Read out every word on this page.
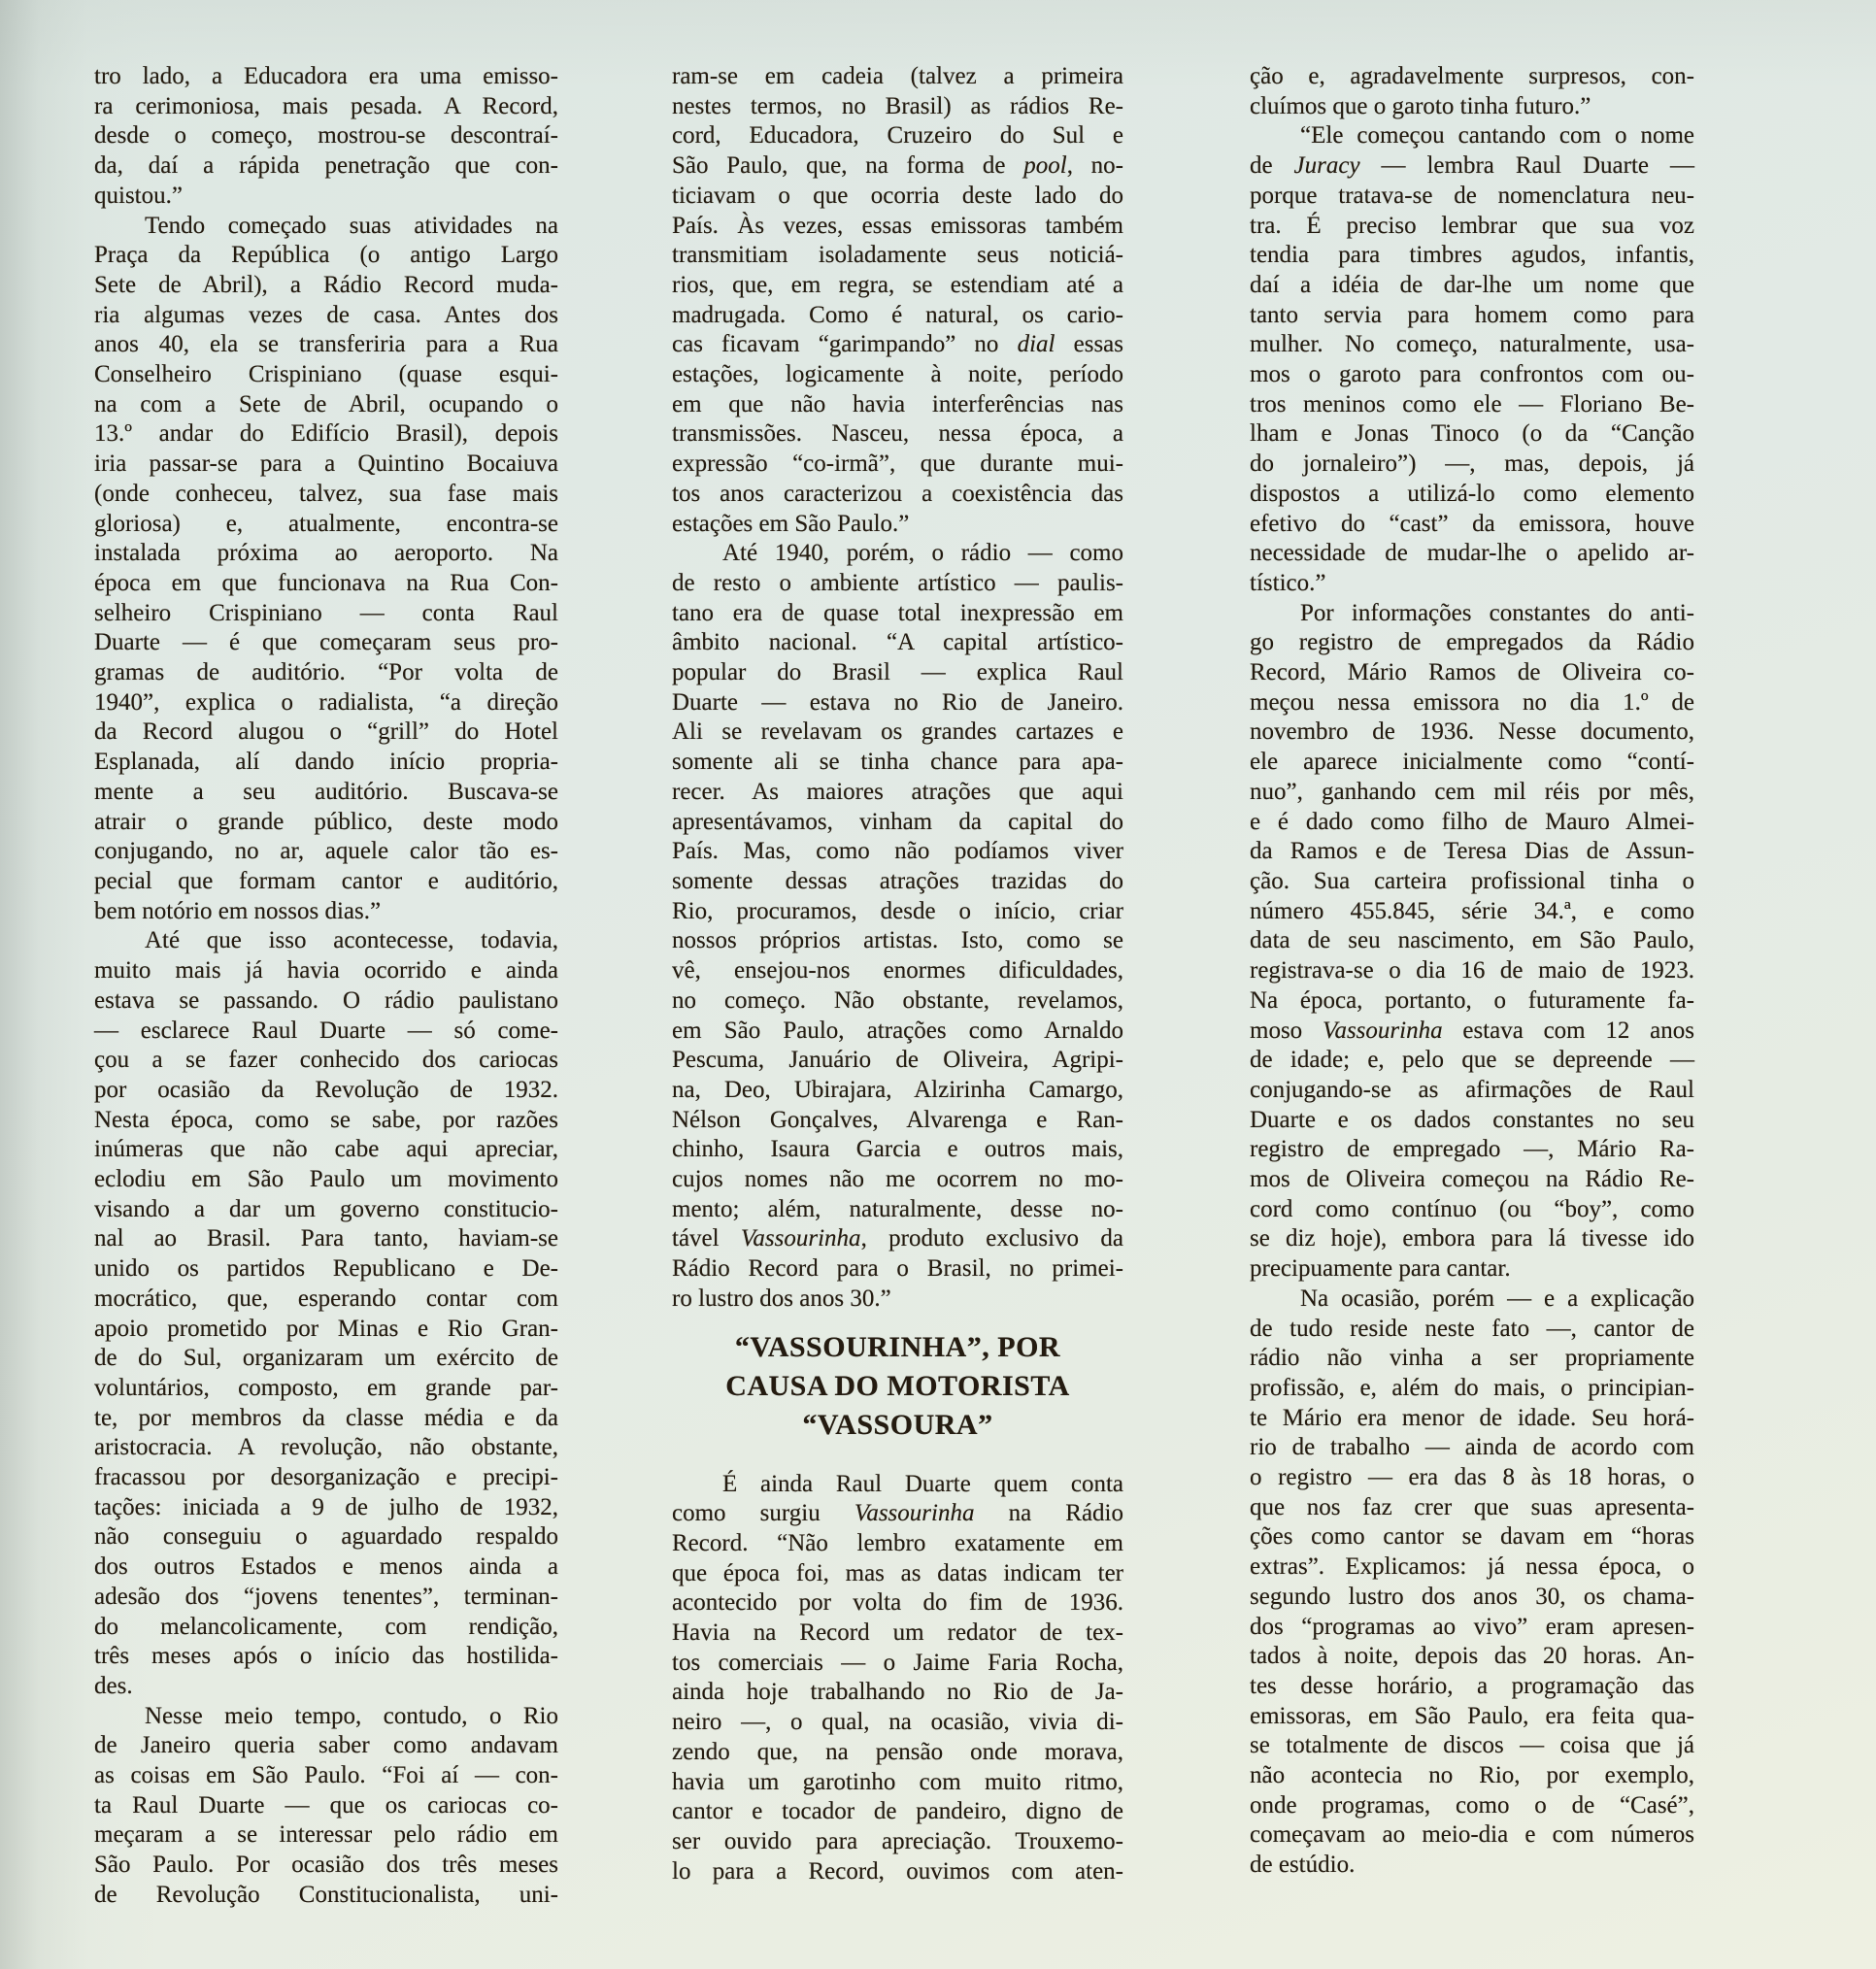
tro lado, a Educadora era uma emisso-
ra cerimoniosa, mais pesada. A Record,
desde o começo, mostrou-se descontraí-
da, daí a rápida penetração que con-
quistou.”
Tendo começado suas atividades na
Praça da República (o antigo Largo
Sete de Abril), a Rádio Record muda-
ria algumas vezes de casa. Antes dos
anos 40, ela se transferiria para a Rua
Conselheiro Crispiniano (quase esqui-
na com a Sete de Abril, ocupando o
13.º andar do Edifício Brasil), depois
iria passar-se para a Quintino Bocaiuva
(onde conheceu, talvez, sua fase mais
gloriosa) e, atualmente, encontra-se
instalada próxima ao aeroporto. Na
época em que funcionava na Rua Con-
selheiro Crispiniano — conta Raul
Duarte — é que começaram seus pro-
gramas de auditório. “Por volta de
1940”, explica o radialista, “a direção
da Record alugou o “grill” do Hotel
Esplanada, alí dando início propria-
mente a seu auditório. Buscava-se
atrair o grande público, deste modo
conjugando, no ar, aquele calor tão es-
pecial que formam cantor e auditório,
bem notório em nossos dias.”
Até que isso acontecesse, todavia,
muito mais já havia ocorrido e ainda
estava se passando. O rádio paulistano
— esclarece Raul Duarte — só come-
çou a se fazer conhecido dos cariocas
por ocasião da Revolução de 1932.
Nesta época, como se sabe, por razões
inúmeras que não cabe aqui apreciar,
eclodiu em São Paulo um movimento
visando a dar um governo constitucio-
nal ao Brasil. Para tanto, haviam-se
unido os partidos Republicano e De-
mocrático, que, esperando contar com
apoio prometido por Minas e Rio Gran-
de do Sul, organizaram um exército de
voluntários, composto, em grande par-
te, por membros da classe média e da
aristocracia. A revolução, não obstante,
fracassou por desorganização e precipi-
tações: iniciada a 9 de julho de 1932,
não conseguiu o aguardado respaldo
dos outros Estados e menos ainda a
adesão dos “jovens tenentes”, terminan-
do melancolicamente, com rendição,
três meses após o início das hostilida-
des.
Nesse meio tempo, contudo, o Rio
de Janeiro queria saber como andavam
as coisas em São Paulo. “Foi aí — con-
ta Raul Duarte — que os cariocas co-
meçaram a se interessar pelo rádio em
São Paulo. Por ocasião dos três meses
de Revolução Constitucionalista, uni-
ram-se em cadeia (talvez a primeira
nestes termos, no Brasil) as rádios Re-
cord, Educadora, Cruzeiro do Sul e
São Paulo, que, na forma de pool, no-
ticiavam o que ocorria deste lado do
País. Às vezes, essas emissoras também
transmitiam isoladamente seus noticiá-
rios, que, em regra, se estendiam até a
madrugada. Como é natural, os cario-
cas ficavam “garimpando” no dial essas
estações, logicamente à noite, período
em que não havia interferências nas
transmissões. Nasceu, nessa época, a
expressão “co-irmã”, que durante mui-
tos anos caracterizou a coexistência das
estações em São Paulo.”
Até 1940, porém, o rádio — como
de resto o ambiente artístico — paulis-
tano era de quase total inexpressão em
âmbito nacional. “A capital artístico-
popular do Brasil — explica Raul
Duarte — estava no Rio de Janeiro.
Ali se revelavam os grandes cartazes e
somente ali se tinha chance para apa-
recer. As maiores atrações que aqui
apresentávamos, vinham da capital do
País. Mas, como não podíamos viver
somente dessas atrações trazidas do
Rio, procuramos, desde o início, criar
nossos próprios artistas. Isto, como se
vê, ensejou-nos enormes dificuldades,
no começo. Não obstante, revelamos,
em São Paulo, atrações como Arnaldo
Pescuma, Januário de Oliveira, Agripi-
na, Deo, Ubirajara, Alzirinha Camargo,
Nélson Gonçalves, Alvarenga e Ran-
chinho, Isaura Garcia e outros mais,
cujos nomes não me ocorrem no mo-
mento; além, naturalmente, desse no-
tável Vassourinha, produto exclusivo da
Rádio Record para o Brasil, no primei-
ro lustro dos anos 30.”
“VASSOURINHA”, POR
CAUSA DO MOTORISTA
“VASSOURA”
É ainda Raul Duarte quem conta
como surgiu Vassourinha na Rádio
Record. “Não lembro exatamente em
que época foi, mas as datas indicam ter
acontecido por volta do fim de 1936.
Havia na Record um redator de tex-
tos comerciais — o Jaime Faria Rocha,
ainda hoje trabalhando no Rio de Ja-
neiro —, o qual, na ocasião, vivia di-
zendo que, na pensão onde morava,
havia um garotinho com muito ritmo,
cantor e tocador de pandeiro, digno de
ser ouvido para apreciação. Trouxemo-
lo para a Record, ouvimos com aten-
ção e, agradavelmente surpresos, con-
cluímos que o garoto tinha futuro.”
“Ele começou cantando com o nome
de Juracy — lembra Raul Duarte —
porque tratava-se de nomenclatura neu-
tra. É preciso lembrar que sua voz
tendia para timbres agudos, infantis,
daí a idéia de dar-lhe um nome que
tanto servia para homem como para
mulher. No começo, naturalmente, usa-
mos o garoto para confrontos com ou-
tros meninos como ele — Floriano Be-
lham e Jonas Tinoco (o da “Canção
do jornaleiro”) —, mas, depois, já
dispostos a utilizá-lo como elemento
efetivo do “cast” da emissora, houve
necessidade de mudar-lhe o apelido ar-
tístico.”
Por informações constantes do anti-
go registro de empregados da Rádio
Record, Mário Ramos de Oliveira co-
meçou nessa emissora no dia 1.º de
novembro de 1936. Nesse documento,
ele aparece inicialmente como “contí-
nuo”, ganhando cem mil réis por mês,
e é dado como filho de Mauro Almei-
da Ramos e de Teresa Dias de Assun-
ção. Sua carteira profissional tinha o
número 455.845, série 34.ª, e como
data de seu nascimento, em São Paulo,
registrava-se o dia 16 de maio de 1923.
Na época, portanto, o futuramente fa-
moso Vassourinha estava com 12 anos
de idade; e, pelo que se depreende —
conjugando-se as afirmações de Raul
Duarte e os dados constantes no seu
registro de empregado —, Mário Ra-
mos de Oliveira começou na Rádio Re-
cord como contínuo (ou “boy”, como
se diz hoje), embora para lá tivesse ido
precipuamente para cantar.
Na ocasião, porém — e a explicação
de tudo reside neste fato —, cantor de
rádio não vinha a ser propriamente
profissão, e, além do mais, o principian-
te Mário era menor de idade. Seu horá-
rio de trabalho — ainda de acordo com
o registro — era das 8 às 18 horas, o
que nos faz crer que suas apresenta-
ções como cantor se davam em “horas
extras”. Explicamos: já nessa época, o
segundo lustro dos anos 30, os chama-
dos “programas ao vivo” eram apresen-
tados à noite, depois das 20 horas. An-
tes desse horário, a programação das
emissoras, em São Paulo, era feita qua-
se totalmente de discos — coisa que já
não acontecia no Rio, por exemplo,
onde programas, como o de “Casé”,
começavam ao meio-dia e com números
de estúdio.
